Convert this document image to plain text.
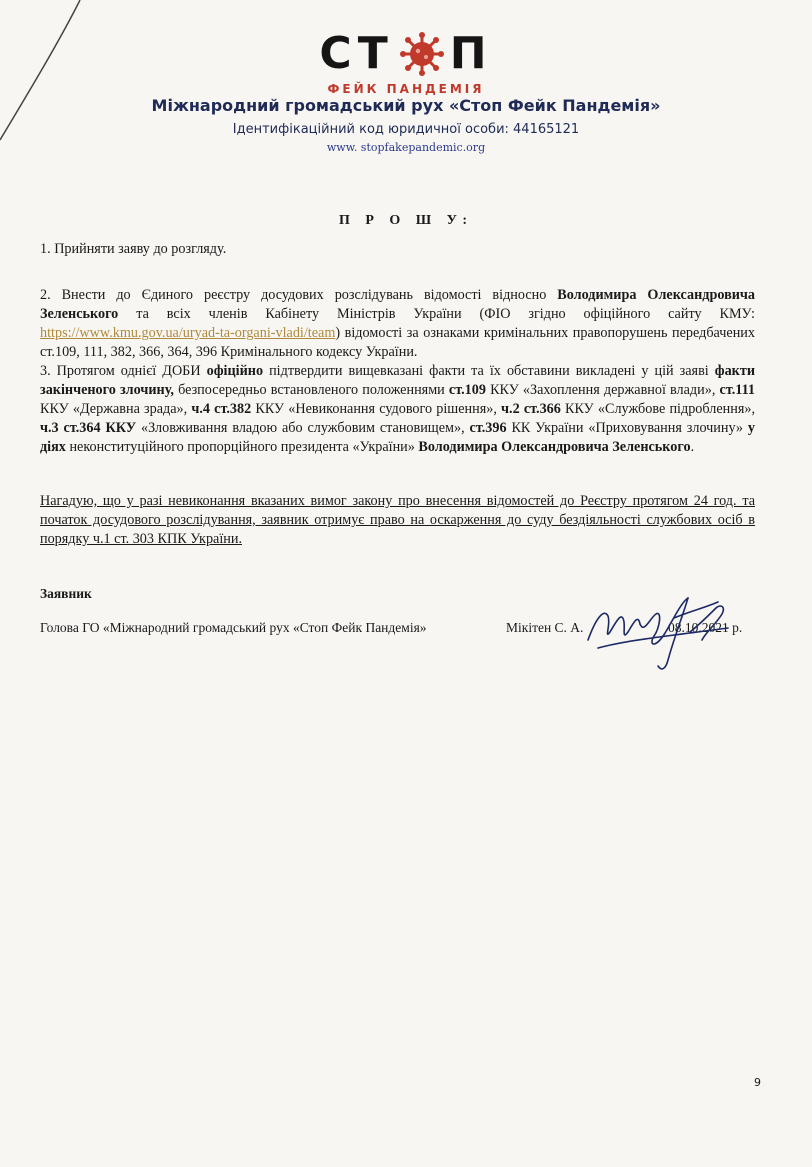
СТ П
ФЕЙК ПАНДЕМІЯ
Міжнародний громадський рух «Стоп Фейк Пандемія»
Ідентифікаційний код юридичної особи: 44165121
www. stopfakepandemic.org
П Р О Ш У:
1. Прийняти заяву до розгляду.
2. Внести до Єдиного реєстру досудових розслідувань відомості відносно Володимира Олександровича Зеленського та всіх членів Кабінету Міністрів України (ФІО згідно офіційного сайту КМУ: https://www.kmu.gov.ua/uryad-ta-organi-vladi/team) відомості за ознаками кримінальних правопорушень передбачених ст.109, 111, 382, 366, 364, 396 Кримінального кодексу України.
3. Протягом однієї ДОБИ офіційно підтвердити вищевказані факти та їх обставини викладені у цій заяві факти закінченого злочину, безпосередньо встановленого положеннями ст.109 ККУ «Захоплення державної влади», ст.111 ККУ «Державна зрада», ч.4 ст.382 ККУ «Невиконання судового рішення», ч.2 ст.366 ККУ «Службове підроблення», ч.3 ст.364 ККУ «Зловживання владою або службовим становищем», ст.396 КК України «Приховування злочину» у діях неконституційного пропорційного президента «України» Володимира Олександровича Зеленського.
Нагадую, що у разі невиконання вказаних вимог закону про внесення відомостей до Реєстру протягом 24 год. та початок досудового розслідування, заявник отримує право на оскарження до суду бездіяльності службових осіб в порядку ч.1 ст. 303 КПК України.
Заявник
Голова ГО «Міжнародний громадський рух «Стоп Фейк Пандемія»	Мікітен С. А.	08.10.2021 р.
9
